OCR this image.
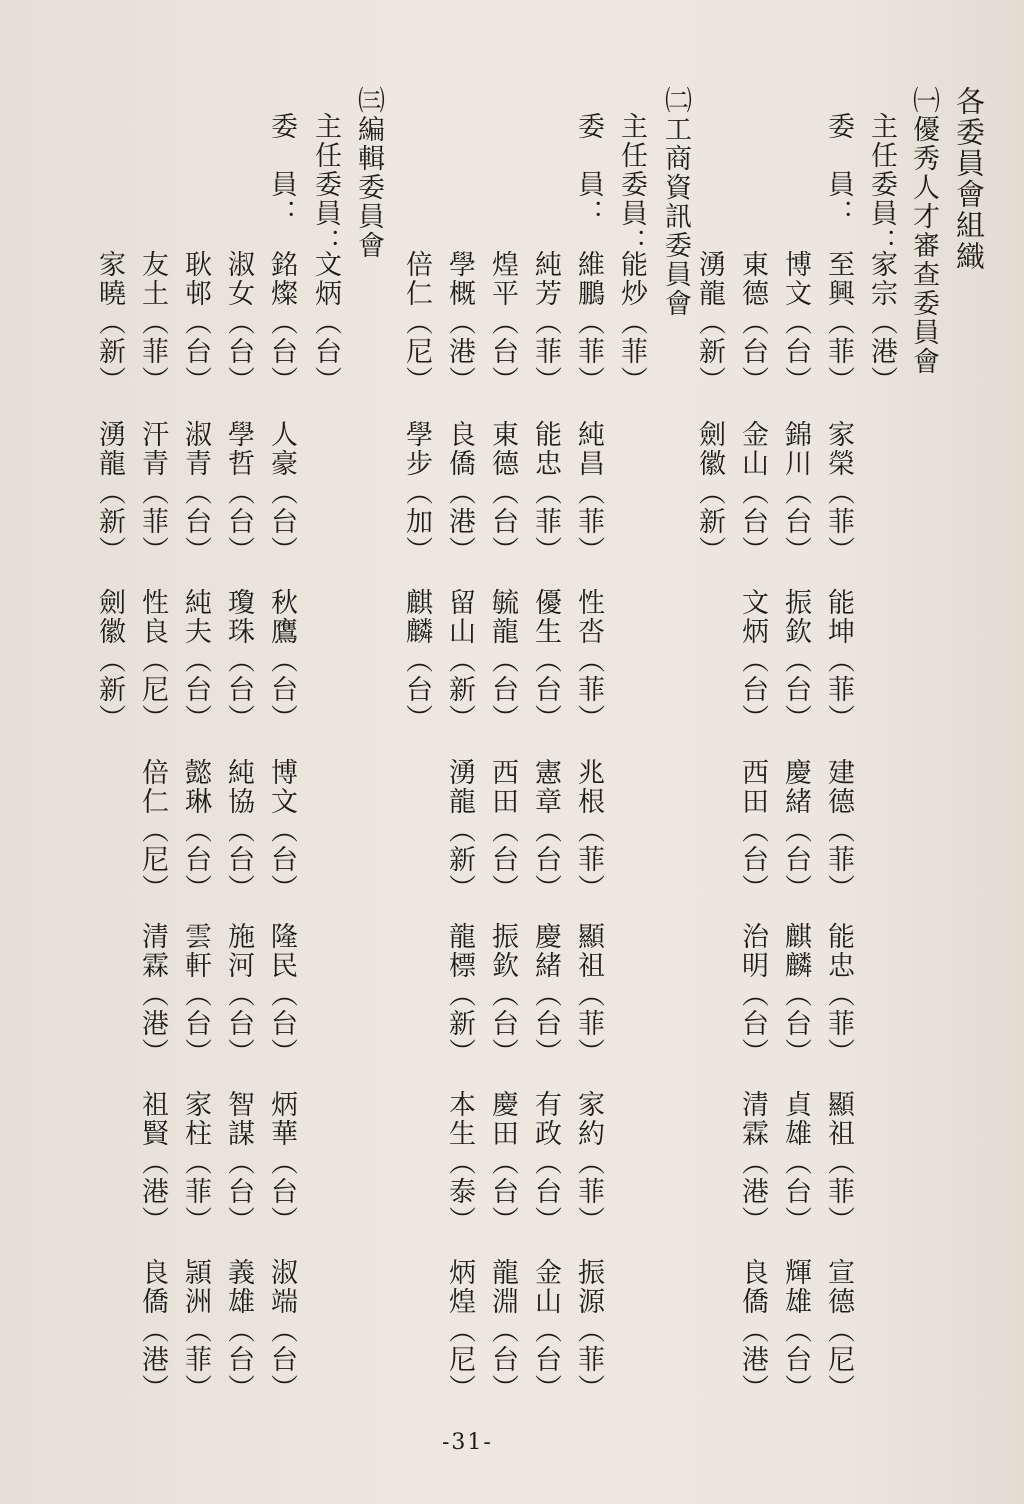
各委員會組織
㈠優秀人才審查委員會
主任委員：
家宗（港）
委　員：
至興（菲）
家榮（菲）
能坤（菲）
建德（菲）
能忠（菲）
顯祖（菲）
宣德（尼）
博文（台）
錦川（台）
振欽（台）
慶緒（台）
麒麟（台）
貞雄（台）
輝雄（台）
東德（台）
金山（台）
文炳（台）
西田（台）
治明（台）
清霖（港）
良僑（港）
湧龍（新）
劍徽（新）
㈡工商資訊委員會
主任委員：
能炒（菲）
委　員：
維鵬（菲）
純昌（菲）
性呇（菲）
兆根（菲）
顯祖（菲）
家約（菲）
振源（菲）
純芳（菲）
能忠（菲）
優生（台）
憲章（台）
慶緒（台）
有政（台）
金山（台）
煌平（台）
東德（台）
毓龍（台）
西田（台）
振欽（台）
慶田（台）
龍淵（台）
學概（港）
良僑（港）
留山（新）
湧龍（新）
龍標（新）
本生（泰）
炳煌（尼）
倍仁（尼）
學步（加）
麒麟（台）
㈢編輯委員會
主任委員：
文炳（台）
委　員：
銘燦（台）
人豪（台）
秋鷹（台）
博文（台）
隆民（台）
炳華（台）
淑端（台）
淑女（台）
學哲（台）
瓊珠（台）
純協（台）
施河（台）
智謀（台）
義雄（台）
耿邨（台）
淑青（台）
純夫（台）
懿琳（台）
雲軒（台）
家柱（菲）
頴洲（菲）
友土（菲）
汗青（菲）
性良（尼）
倍仁（尼）
清霖（港）
祖賢（港）
良僑（港）
家曉（新）
湧龍（新）
劍徽（新）
-31-
